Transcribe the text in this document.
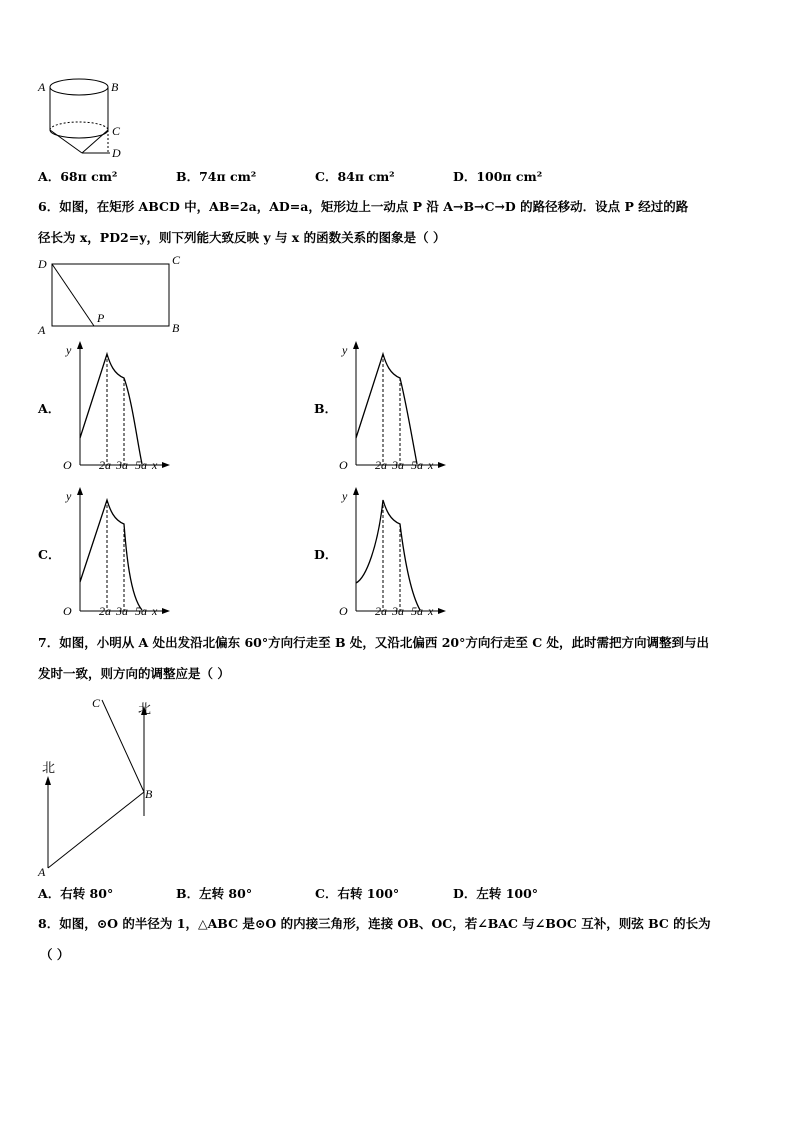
A	B
C
D
A．68π cm²	B．74π cm²	C．84π cm²	D．100π cm²
6．如图，在矩形 ABCD 中，AB=2a，AD=a，矩形边上一动点 P 沿 A→B→C→D 的路径移动．设点 P 经过的路
径长为 x，PD2=y，则下列能大致反映 y 与 x 的函数关系的图象是（ ）
D	C
A	B
P
y
O 2a 3a 5a x
y
O 2a 3a 5a x
y
O 2a 3a 5a x
y
O 2a 3a 5a x
A．	B．
C．	D．
7．如图，小明从 A 处出发沿北偏东 60°方向行走至 B 处，又沿北偏西 20°方向行走至 C 处，此时需把方向调整到与出
发时一致，则方向的调整应是（ ）
北
北
A
B
C
A．右转 80°	B．左转 80°	C．右转 100°	D．左转 100°
8．如图，⊙O 的半径为 1，△ABC 是⊙O 的内接三角形，连接 OB、OC，若∠BAC 与∠BOC 互补，则弦 BC 的长为
（ ）
